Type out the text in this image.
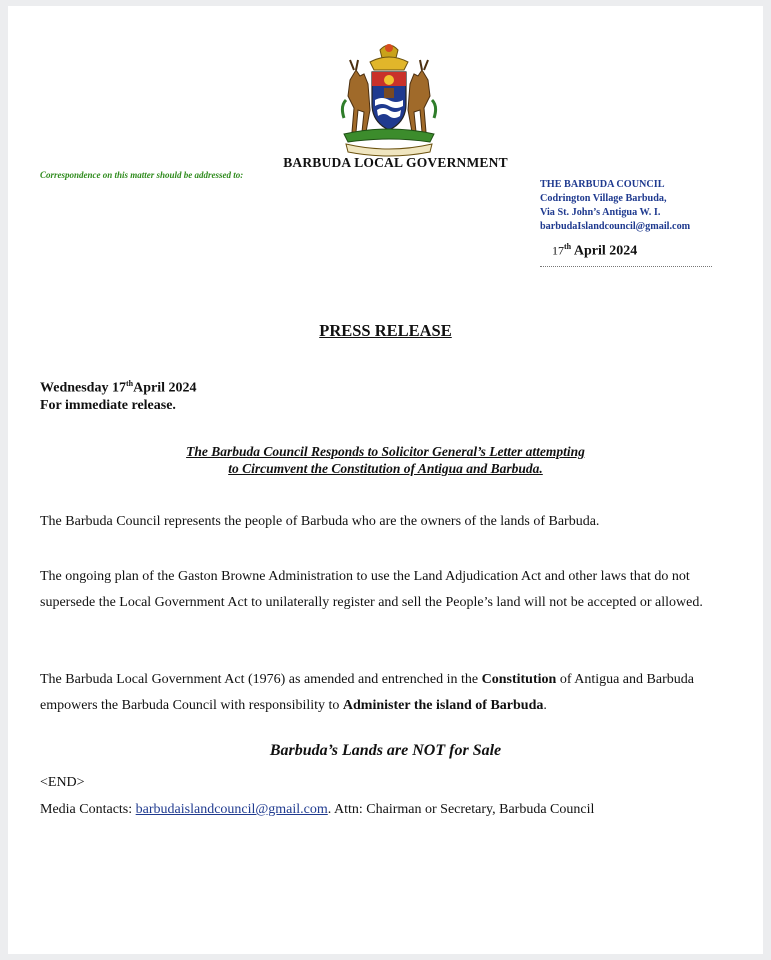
BARBUDA LOCAL GOVERNMENT
Correspondence on this matter should be addressed to:
THE BARBUDA COUNCIL
Codrington Village Barbuda,
Via St. John’s Antigua W. I.
barbudaIslandcouncil@gmail.com
17th April 2024
PRESS RELEASE
Wednesday 17thApril 2024
For immediate release.
The Barbuda Council Responds to Solicitor General’s Letter attempting
to Circumvent the Constitution of Antigua and Barbuda.
The Barbuda Council represents the people of Barbuda who are the owners of the lands of Barbuda.
The ongoing plan of the Gaston Browne Administration to use the Land Adjudication Act and other laws that do not supersede the Local Government Act to unilaterally register and sell the People’s land will not be accepted or allowed.
The Barbuda Local Government Act (1976) as amended and entrenched in the Constitution of Antigua and Barbuda empowers the Barbuda Council with responsibility to Administer the island of Barbuda.
Barbuda’s Lands are NOT for Sale
<END>
Media Contacts: barbudaislandcouncil@gmail.com. Attn: Chairman or Secretary, Barbuda Council
